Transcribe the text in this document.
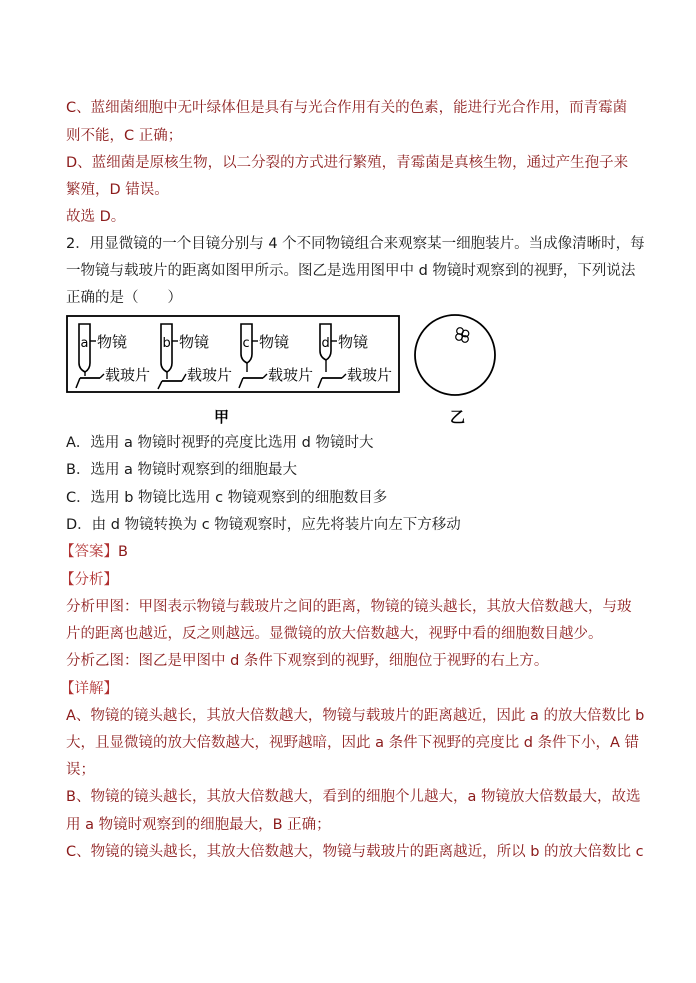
C、蓝细菌细胞中无叶绿体但是具有与光合作用有关的色素，能进行光合作用，而青霉菌
则不能，C 正确；
D、蓝细菌是原核生物，以二分裂的方式进行繁殖，青霉菌是真核生物，通过产生孢子来
繁殖，D 错误。
故选 D。
2．用显微镜的一个目镜分别与 4 个不同物镜组合来观察某一细胞装片。当成像清晰时，每
一物镜与载玻片的距离如图甲所示。图乙是选用图甲中 d 物镜时观察到的视野，下列说法
正确的是（　　）
a 物镜
载玻片
b 物镜
载玻片
c 物镜
载玻片
d 物镜
载玻片
甲	乙
A．选用 a 物镜时视野的亮度比选用 d 物镜时大
B．选用 a 物镜时观察到的细胞最大
C．选用 b 物镜比选用 c 物镜观察到的细胞数目多
D．由 d 物镜转换为 c 物镜观察时，应先将装片向左下方移动
【答案】B
【分析】
分析甲图：甲图表示物镜与载玻片之间的距离，物镜的镜头越长，其放大倍数越大，与玻
片的距离也越近，反之则越远。显微镜的放大倍数越大，视野中看的细胞数目越少。
分析乙图：图乙是甲图中 d 条件下观察到的视野，细胞位于视野的右上方。
【详解】
A、物镜的镜头越长，其放大倍数越大，物镜与载玻片的距离越近，因此 a 的放大倍数比 b
大，且显微镜的放大倍数越大，视野越暗，因此 a 条件下视野的亮度比 d 条件下小，A 错
误；
B、物镜的镜头越长，其放大倍数越大，看到的细胞个儿越大，a 物镜放大倍数最大，故选
用 a 物镜时观察到的细胞最大，B 正确；
C、物镜的镜头越长，其放大倍数越大，物镜与载玻片的距离越近，所以 b 的放大倍数比 c
